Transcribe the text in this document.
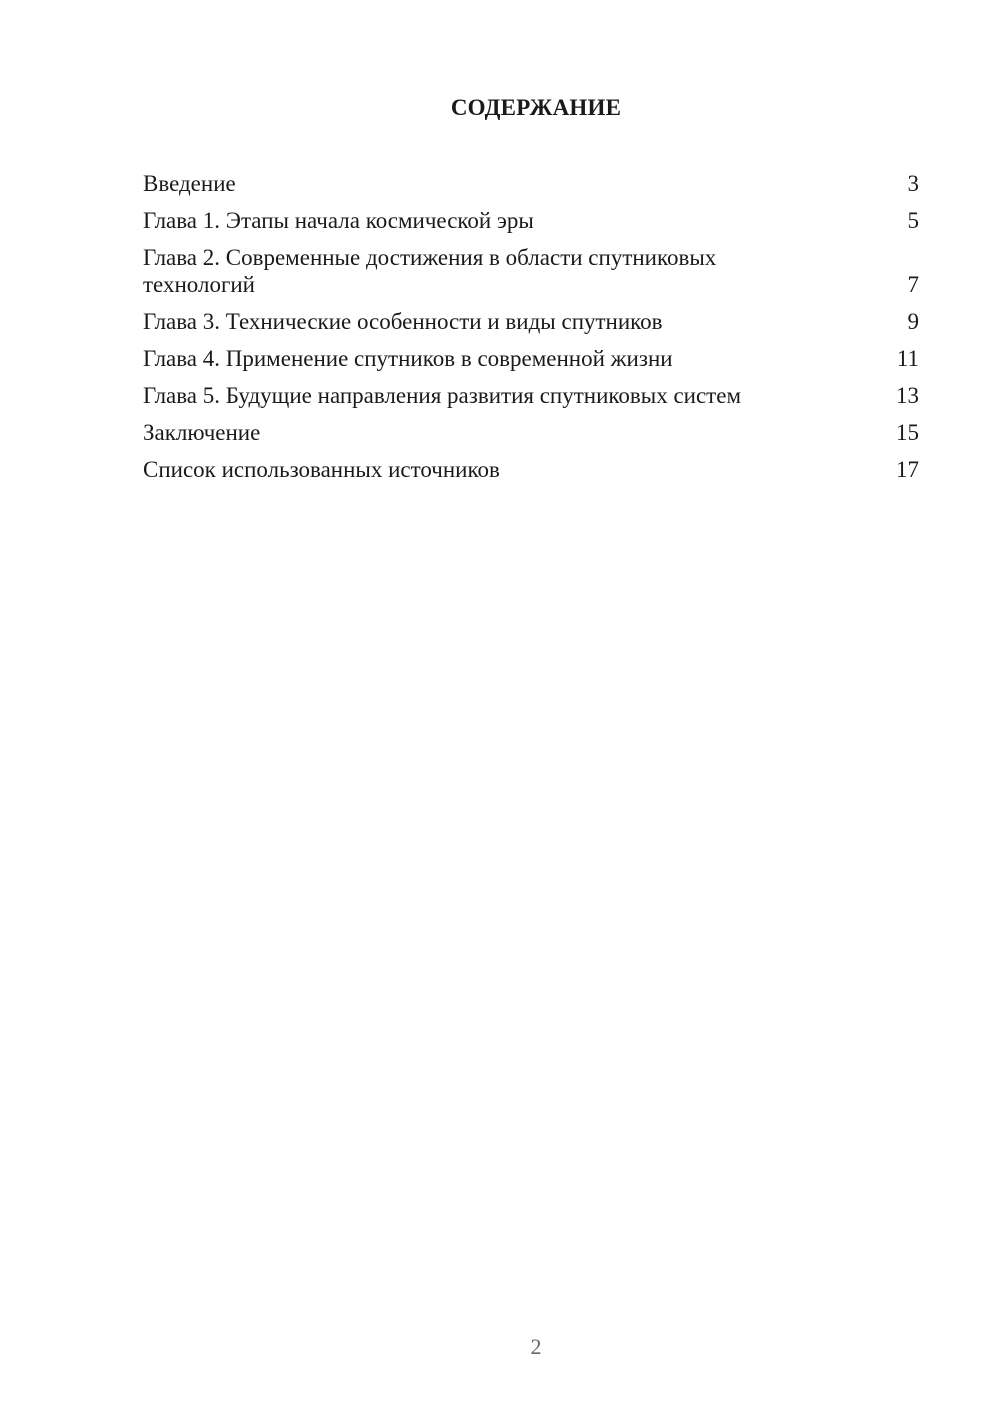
СОДЕРЖАНИЕ
Введение	3
Глава 1. Этапы начала космической эры	5
Глава 2. Современные достижения в области спутниковых технологий	7
Глава 3. Технические особенности и виды спутников	9
Глава 4. Применение спутников в современной жизни	11
Глава 5. Будущие направления развития спутниковых систем	13
Заключение	15
Список использованных источников	17
2
